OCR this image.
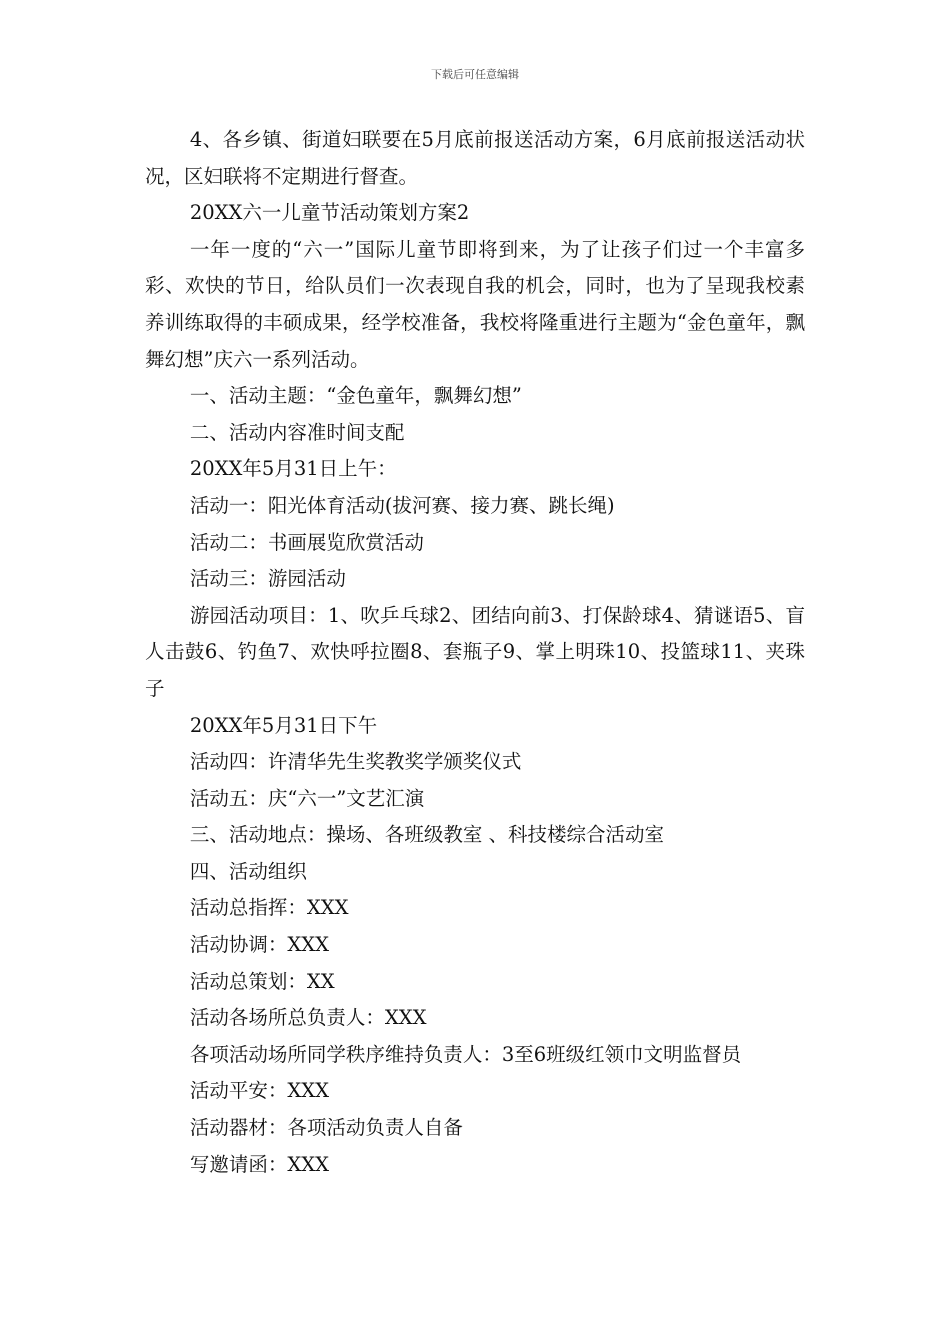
下载后可任意编辑

4、各乡镇、街道妇联要在5月底前报送活动方案，6月底前报送活动状况，区妇联将不定期进行督查。

20XX六一儿童节活动策划方案2

一年一度的“六一”国际儿童节即将到来，为了让孩子们过一个丰富多彩、欢快的节日，给队员们一次表现自我的机会，同时，也为了呈现我校素养训练取得的丰硕成果，经学校准备，我校将隆重进行主题为“金色童年，飘舞幻想”庆六一系列活动。

一、活动主题：“金色童年，飘舞幻想”

二、活动内容准时间支配

20XX年5月31日上午：

活动一：阳光体育活动(拔河赛、接力赛、跳长绳)

活动二：书画展览欣赏活动

活动三：游园活动

游园活动项目：1、吹乒乓球2、团结向前3、打保龄球4、猜谜语5、盲人击鼓6、钓鱼7、欢快呼拉圈8、套瓶子9、掌上明珠10、投篮球11、夹珠子

20XX年5月31日下午

活动四：许清华先生奖教奖学颁奖仪式

活动五：庆“六一”文艺汇演

三、活动地点：操场、各班级教室 、科技楼综合活动室

四、活动组织

活动总指挥：XXX

活动协调：XXX

活动总策划：XX

活动各场所总负责人：XXX

各项活动场所同学秩序维持负责人：3至6班级红领巾文明监督员

活动平安：XXX

活动器材：各项活动负责人自备

写邀请函：XXX
